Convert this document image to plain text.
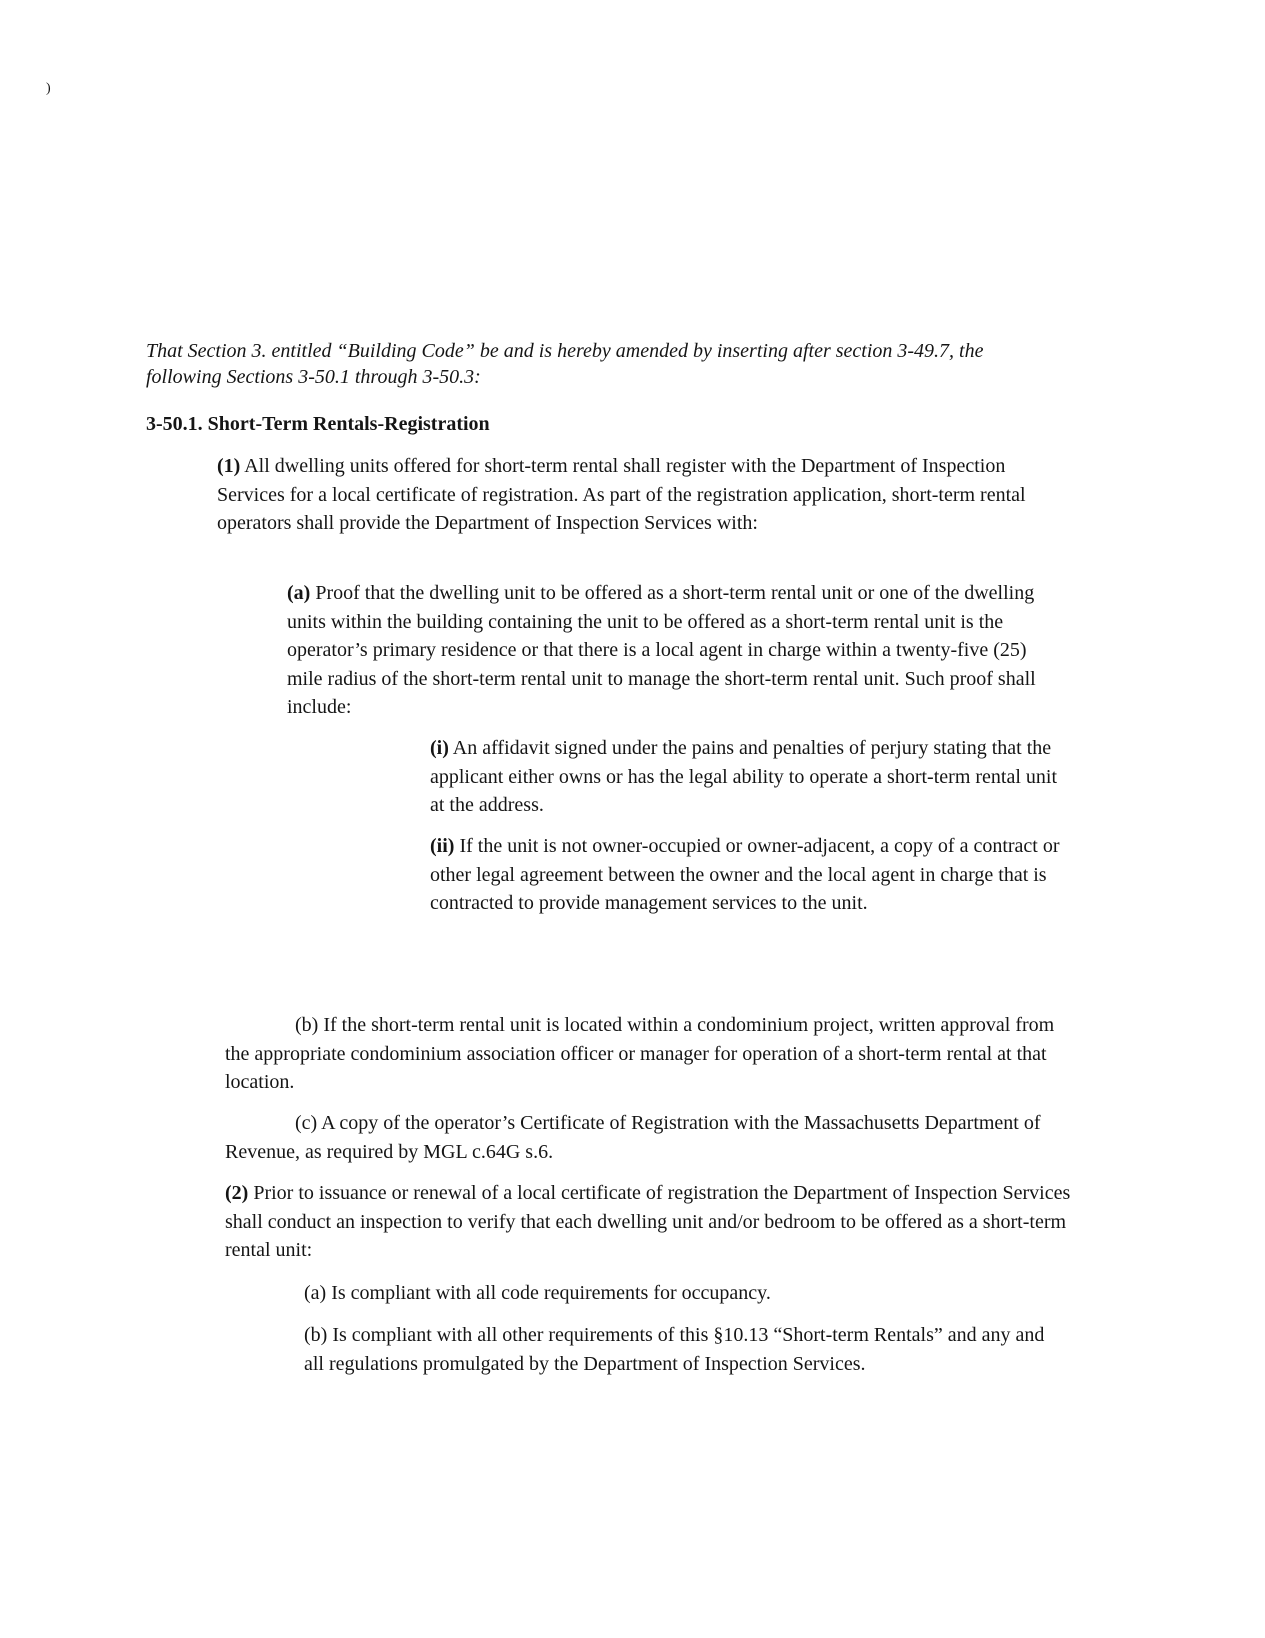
)

That Section 3. entitled “Building Code” be and is hereby amended by inserting after section 3-49.7, the following Sections 3-50.1 through 3-50.3:

3-50.1. Short-Term Rentals-Registration

(1) All dwelling units offered for short-term rental shall register with the Department of Inspection Services for a local certificate of registration. As part of the registration application, short-term rental operators shall provide the Department of Inspection Services with:

(a) Proof that the dwelling unit to be offered as a short-term rental unit or one of the dwelling units within the building containing the unit to be offered as a short-term rental unit is the operator’s primary residence or that there is a local agent in charge within a twenty-five (25) mile radius of the short-term rental unit to manage the short-term rental unit. Such proof shall include:

(i) An affidavit signed under the pains and penalties of perjury stating that the applicant either owns or has the legal ability to operate a short-term rental unit at the address.

(ii) If the unit is not owner-occupied or owner-adjacent, a copy of a contract or other legal agreement between the owner and the local agent in charge that is contracted to provide management services to the unit.

(b) If the short-term rental unit is located within a condominium project, written approval from the appropriate condominium association officer or manager for operation of a short-term rental at that location.

(c) A copy of the operator’s Certificate of Registration with the Massachusetts Department of Revenue, as required by MGL c.64G s.6.

(2) Prior to issuance or renewal of a local certificate of registration the Department of Inspection Services shall conduct an inspection to verify that each dwelling unit and/or bedroom to be offered as a short-term rental unit:

(a) Is compliant with all code requirements for occupancy.

(b) Is compliant with all other requirements of this §10.13 “Short-term Rentals” and any and all regulations promulgated by the Department of Inspection Services.
